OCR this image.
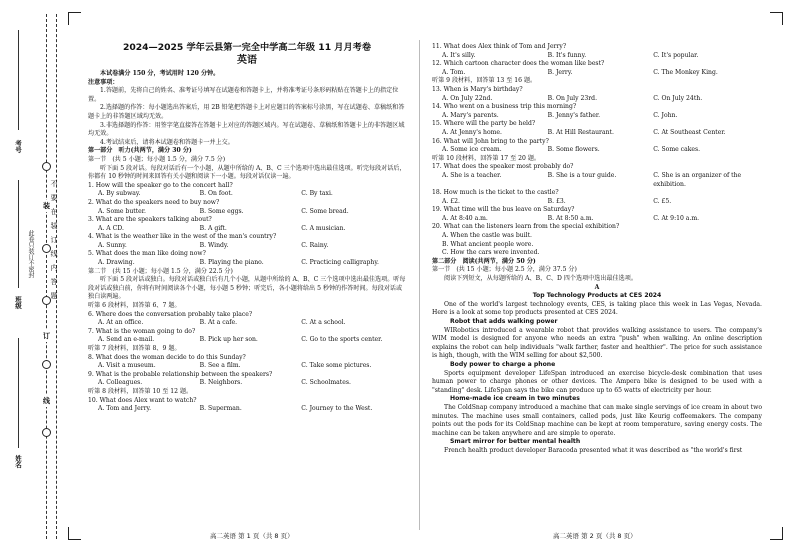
装
订
线
不　要　在　装　订　线　内　答　题
考号
班级
姓名
此卷只装订不密封
2024—2025 学年云县第一完全中学高二年级 11 月月考卷
英语

本试卷满分 150 分，考试用时 120 分钟。

注意事项：

1.答题前，先将自己的姓名、准考证号填写在试题卷和答题卡上，并将准考证号条形码粘贴在答题卡上的指定位置。

2.选择题的作答：每小题选出答案后，用 2B 铅笔把答题卡上对应题目的答案标号涂黑，写在试题卷、草稿纸和答题卡上的非答题区域均无效。

3.非选择题的作答：用签字笔直接答在答题卡上对应的答题区域内。写在试题卷、草稿纸和答题卡上的非答题区域均无效。

4.考试结束后，请将本试题卷和答题卡一并上交。

第一部分　听力(共两节，满分 30 分)

第一节　(共 5 小题；每小题 1.5 分，满分 7.5 分)

听下面 5 段对话。每段对话后有一个小题，从题中所给的 A、B、C 三个选项中选出最佳选项。听完每段对话后，你都有 10 秒钟的时间来回答有关小题和阅读下一小题。每段对话仅读一遍。

1. How will the speaker go to the concert hall?

A. By subway.	B. On foot.	C. By taxi.

2. What do the speakers need to buy now?

A. Some butter.	B. Some eggs.	C. Some bread.

3. What are the speakers talking about?

A. A CD.	B. A gift.	C. A musician.

4. What is the weather like in the west of the man's country?

A. Sunny.	B. Windy.	C. Rainy.

5. What does the man like doing now?

A. Drawing.	B. Playing the piano.	C. Practicing calligraphy.

第二节　(共 15 小题；每小题 1.5 分，满分 22.5 分)

听下面 5 段对话或独白。每段对话或独白后有几个小题，从题中所给的 A、B、C 三个选项中选出最佳选项。听每段对话或独白前，你将有时间阅读各个小题，每小题 5 秒钟；听完后，各小题将给出 5 秒钟的作答时间。每段对话或独白读两遍。

听第 6 段材料，回答第 6、7 题。

6. Where does the conversation probably take place?

A. At an office.	B. At a cafe.	C. At a school.

7. What is the woman going to do?

A. Send an e-mail.	B. Pick up her son.	C. Go to the sports center.

听第 7 段材料，回答第 8、9 题。

8. What does the woman decide to do this Sunday?

A. Visit a museum.	B. See a film.	C. Take some pictures.

9. What is the probable relationship between the speakers?

A. Colleagues.	B. Neighbors.	C. Schoolmates.

听第 8 段材料，回答第 10 至 12 题。

10. What does Alex want to watch?

A. Tom and Jerry.	B. Superman.	C. Journey to the West.

11. What does Alex think of Tom and Jerry?

A. It's silly.	B. It's funny.	C. It's popular.

12. Which cartoon character does the woman like best?

A. Tom.	B. Jerry.	C. The Monkey King.

听第 9 段材料，回答第 13 至 16 题。

13. When is Mary's birthday?

A. On July 22nd.	B. On July 23rd.	C. On July 24th.

14. Who went on a business trip this morning?

A. Mary's parents.	B. Jenny's father.	C. John.

15. Where will the party be held?

A. At Jenny's home.	B. At Hill Restaurant.	C. At Southeast Center.

16. What will John bring to the party?

A. Some ice cream.	B. Some flowers.	C. Some cakes.

听第 10 段材料，回答第 17 至 20 题。

17. What does the speaker most probably do?

A. She is a teacher.	B. She is a tour guide.	C. She is an organizer of the exhibition.

18. How much is the ticket to the castle?

A. £2.	B. £3.	C. £5.

19. What time will the bus leave on Saturday?

A. At 8:40 a.m.	B. At 8:50 a.m.	C. At 9:10 a.m.

20. What can the listeners learn from the special exhibition?

A. When the castle was built.

B. What ancient people wore.

C. How the cars were invented.

第二部分　阅读(共两节，满分 50 分)

第一节　(共 15 小题；每小题 2.5 分，满分 37.5 分)

阅读下列短文，从每题所给的 A、B、C、D 四个选项中选出最佳选项。

A

Top Technology Products at CES 2024

One of the world's largest technology events, CES, is taking place this week in Las Vegas, Nevada. Here is a look at some top products presented at CES 2024.

Robot that adds walking power

WIRobotics introduced a wearable robot that provides walking assistance to users. The company's WIM model is designed for anyone who needs an extra "push" when walking. An online description explains the robot can help individuals "walk farther, faster and healthier". The price for such assistance is high, though, with the WIM selling for about $2,500.

Body power to charge a phone

Sports equipment developer LifeSpan introduced an exercise bicycle-desk combination that uses human power to charge phones or other devices. The Ampera bike is designed to be used with a "standing" desk. LifeSpan says the bike can produce up to 65 watts of electricity per hour.

Home-made ice cream in two minutes

The ColdSnap company introduced a machine that can make single servings of ice cream in about two minutes. The machine uses small containers, called pods, just like Keurig coffeemakers. The company points out the pods for its ColdSnap machine can be kept at room temperature, saving energy costs. The machine can be taken anywhere and are simple to operate.

Smart mirror for better mental health

French health product developer Baracoda presented what it was described as "the world's first

高二英语 第 1 页（共 8 页）	高二英语 第 2 页（共 8 页）
